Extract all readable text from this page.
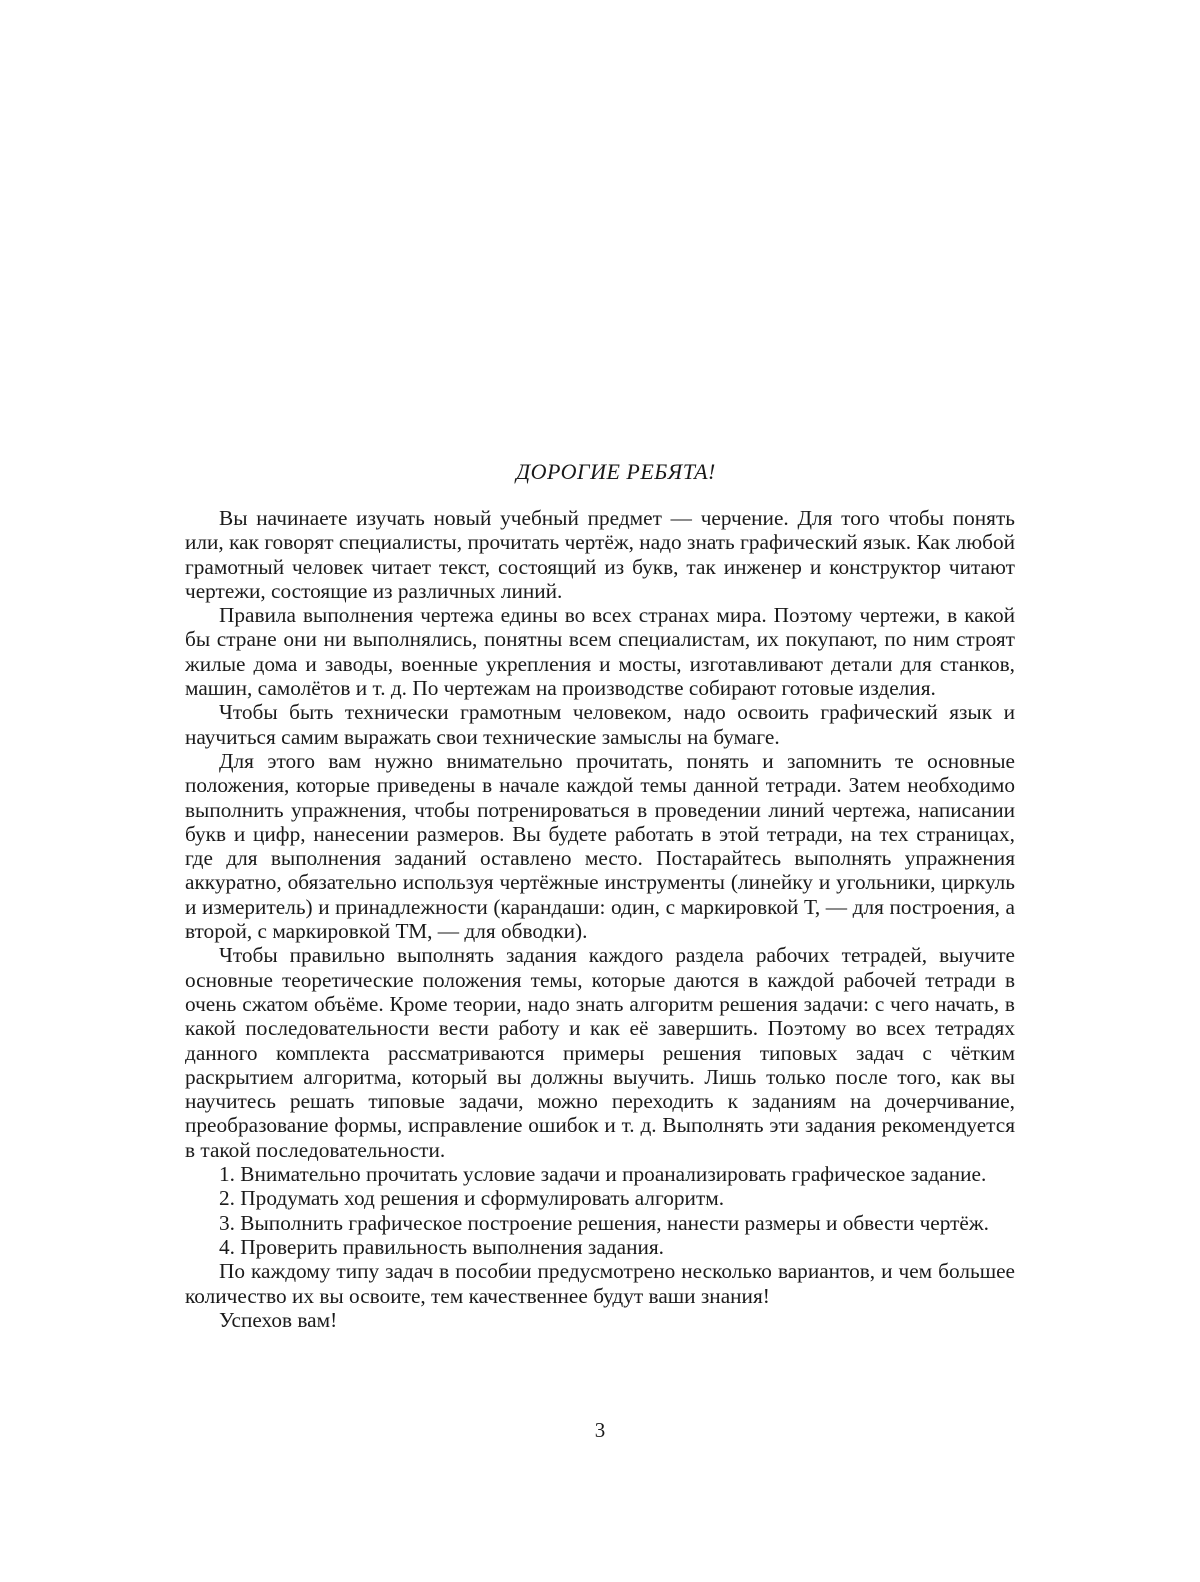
ДОРОГИЕ РЕБЯТА!

Вы начинаете изучать новый учебный предмет — черчение. Для того чтобы понять или, как говорят специалисты, прочитать чертёж, надо знать графический язык. Как любой грамотный человек читает текст, состоящий из букв, так инженер и конструктор читают чертежи, состоящие из различных линий.

Правила выполнения чертежа едины во всех странах мира. Поэтому чертежи, в какой бы стране они ни выполнялись, понятны всем специалистам, их покупают, по ним строят жилые дома и заводы, военные укрепления и мосты, изготавливают детали для станков, машин, самолётов и т. д. По чертежам на производстве собирают готовые изделия.

Чтобы быть технически грамотным человеком, надо освоить графический язык и научиться самим выражать свои технические замыслы на бумаге.

Для этого вам нужно внимательно прочитать, понять и запомнить те основные положения, которые приведены в начале каждой темы данной тетради. Затем необходимо выполнить упражнения, чтобы потренироваться в проведении линий чертежа, написании букв и цифр, нанесении размеров. Вы будете работать в этой тетради, на тех страницах, где для выполнения заданий оставлено место. Постарайтесь выполнять упражнения аккуратно, обязательно используя чертёжные инструменты (линейку и угольники, циркуль и измеритель) и принадлежности (карандаши: один, с маркировкой Т, — для построения, а второй, с маркировкой ТМ, — для обводки).

Чтобы правильно выполнять задания каждого раздела рабочих тетрадей, выучите основные теоретические положения темы, которые даются в каждой рабочей тетради в очень сжатом объёме. Кроме теории, надо знать алгоритм решения задачи: с чего начать, в какой последовательности вести работу и как её завершить. Поэтому во всех тетрадях данного комплекта рассматриваются примеры решения типовых задач с чётким раскрытием алгоритма, который вы должны выучить. Лишь только после того, как вы научитесь решать типовые задачи, можно переходить к заданиям на дочерчивание, преобразование формы, исправление ошибок и т. д. Выполнять эти задания рекомендуется в такой последовательности.

1. Внимательно прочитать условие задачи и проанализировать графическое задание.

2. Продумать ход решения и сформулировать алгоритм.

3. Выполнить графическое построение решения, нанести размеры и обвести чертёж.

4. Проверить правильность выполнения задания.

По каждому типу задач в пособии предусмотрено несколько вариантов, и чем большее количество их вы освоите, тем качественнее будут ваши знания!

Успехов вам!

3
